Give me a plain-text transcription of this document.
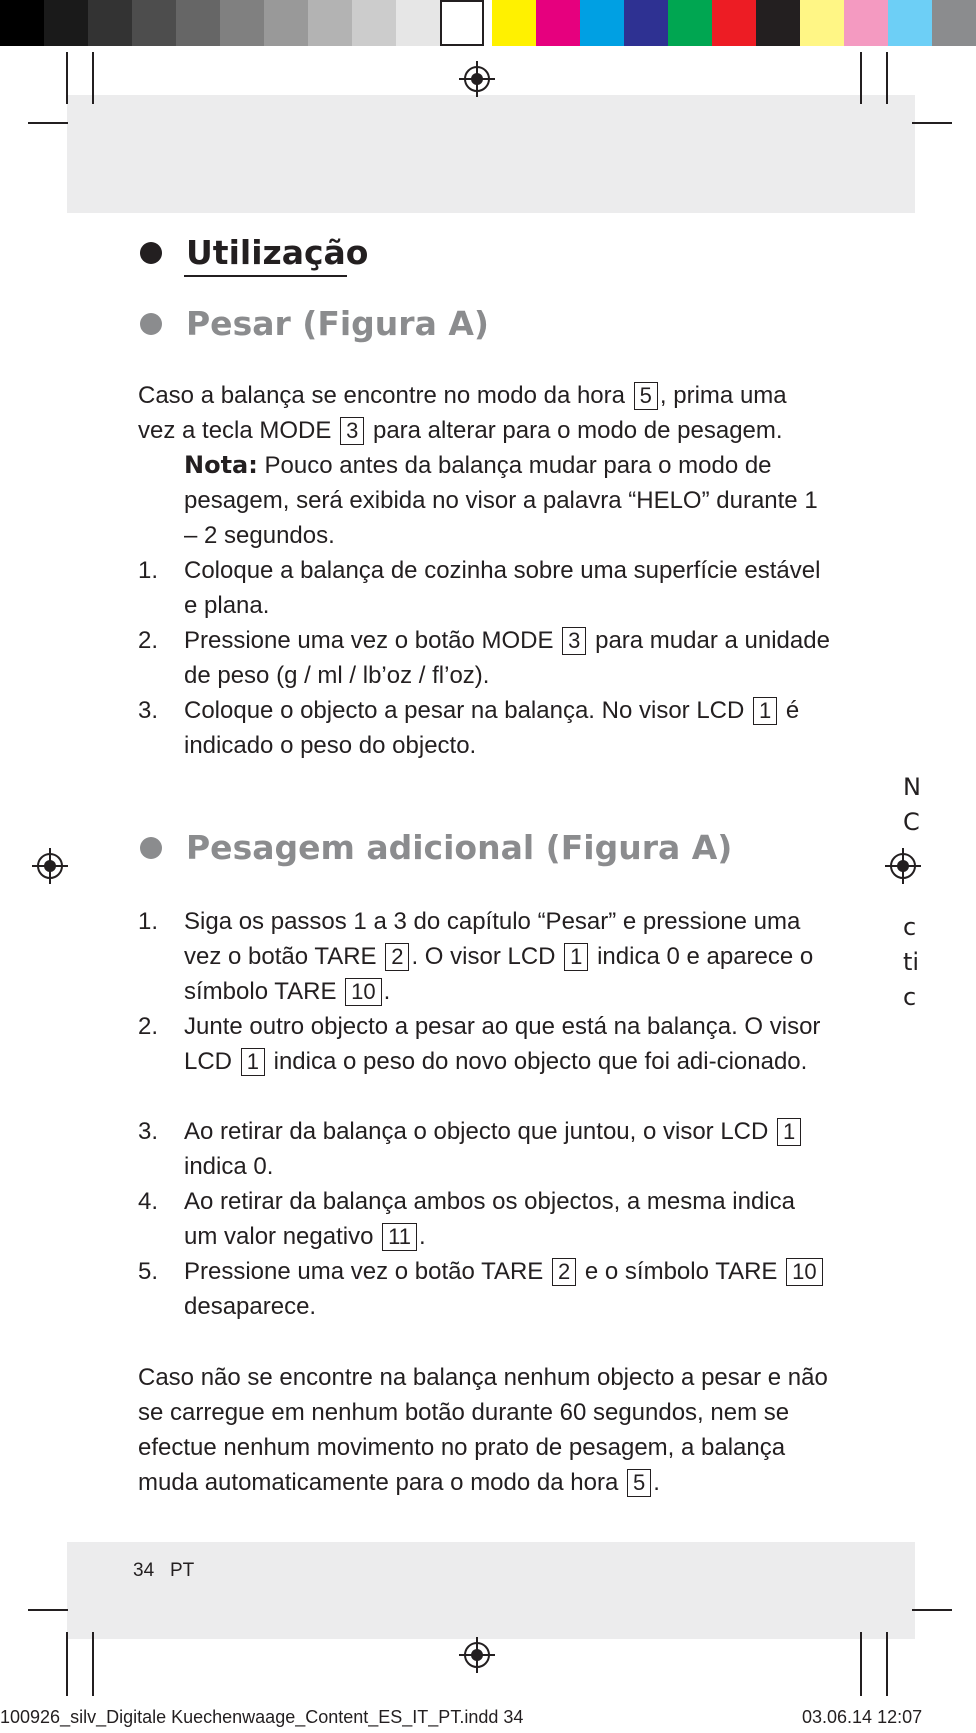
Utilização
Pesar (Figura A)
Caso a balança se encontre no modo da hora 5 , prima uma vez a tecla MODE 3 para alterar para o modo de pesagem.
Nota: Pouco antes da balança mudar para o modo de pesagem, será exibida no visor a palavra “HELO” durante 1 – 2 segundos.
1. Coloque a balança de cozinha sobre uma superfície estável e plana.
2. Pressione uma vez o botão MODE 3 para mudar a unidade de peso (g / ml / lb’oz / fl’oz).
3. Coloque o objecto a pesar na balança. No visor LCD 1 é indicado o peso do objecto.
Pesagem adicional (Figura A)
1. Siga os passos 1 a 3 do capítulo “Pesar” e pressione uma vez o botão TARE 2 . O visor LCD 1 indica 0 e aparece o símbolo TARE 10 .
2. Junte outro objecto a pesar ao que está na balança. O visor LCD 1 indica o peso do novo objecto que foi adi-cionado.
3. Ao retirar da balança o objecto que juntou, o visor LCD 1 indica 0.
4. Ao retirar da balança ambos os objectos, a mesma indica um valor negativo 11 .
5. Pressione uma vez o botão TARE 2 e o símbolo TARE 10 desaparece.
Caso não se encontre na balança nenhum objecto a pesar e não se carregue em nenhum botão durante 60 segundos, nem se efectue nenhum movimento no prato de pesagem, a balança muda automaticamente para o modo da hora 5 .
N
C
c
ti
c
34 PT
100926_silv_Digitale Kuechenwaage_Content_ES_IT_PT.indd 34	03.06.14 12:07
